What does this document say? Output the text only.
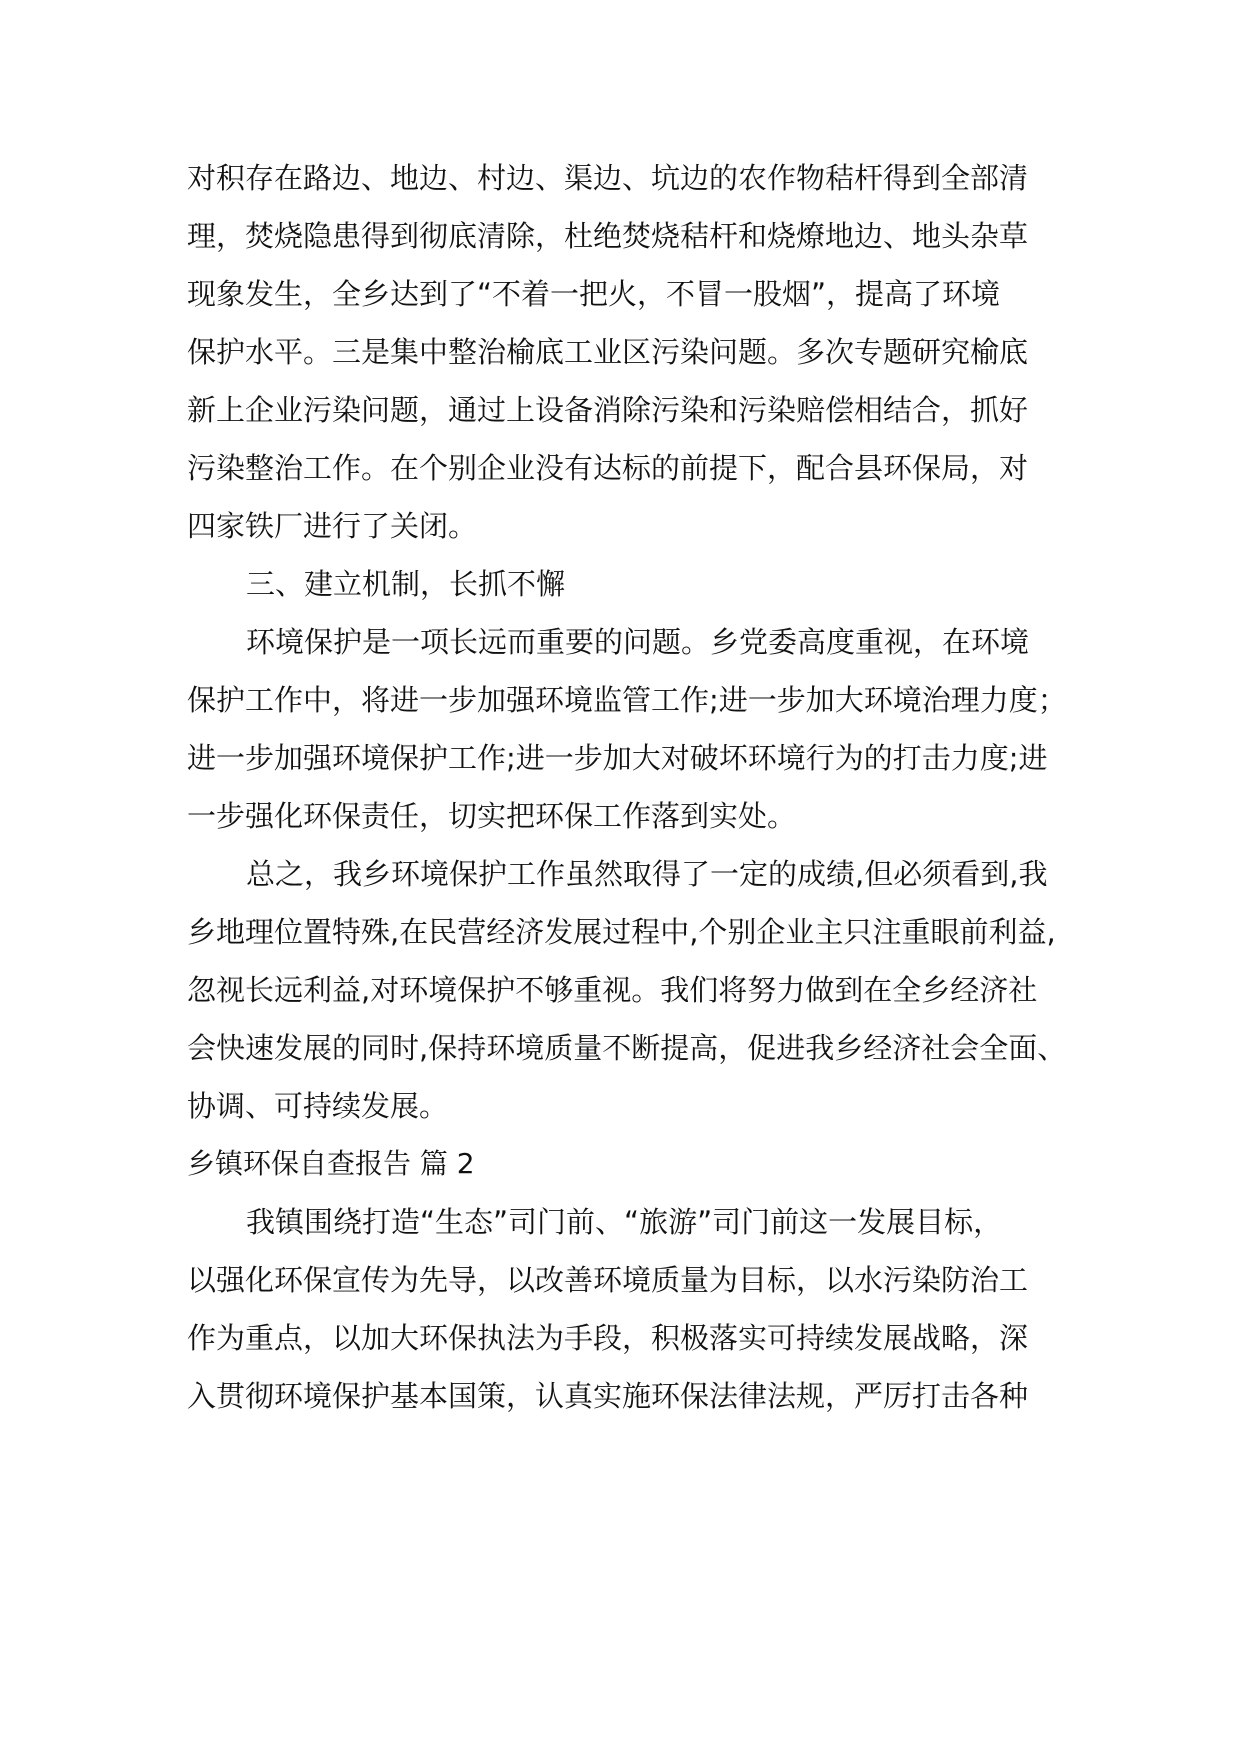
对积存在路边、地边、村边、渠边、坑边的农作物秸杆得到全部清
理，焚烧隐患得到彻底清除，杜绝焚烧秸杆和烧燎地边、地头杂草
现象发生，全乡达到了“不着一把火，不冒一股烟”，提高了环境
保护水平。三是集中整治榆底工业区污染问题。多次专题研究榆底
新上企业污染问题，通过上设备消除污染和污染赔偿相结合，抓好
污染整治工作。在个别企业没有达标的前提下，配合县环保局，对
四家铁厂进行了关闭。
三、建立机制，长抓不懈
环境保护是一项长远而重要的问题。乡党委高度重视，在环境
保护工作中，将进一步加强环境监管工作;进一步加大环境治理力度；
进一步加强环境保护工作;进一步加大对破坏环境行为的打击力度;进
一步强化环保责任，切实把环保工作落到实处。
总之，我乡环境保护工作虽然取得了一定的成绩,但必须看到,我
乡地理位置特殊,在民营经济发展过程中,个别企业主只注重眼前利益,
忽视长远利益,对环境保护不够重视。我们将努力做到在全乡经济社
会快速发展的同时,保持环境质量不断提高，促进我乡经济社会全面、
协调、可持续发展。
乡镇环保自查报告 篇 2
我镇围绕打造“生态”司门前、“旅游”司门前这一发展目标，
以强化环保宣传为先导，以改善环境质量为目标，以水污染防治工
作为重点，以加大环保执法为手段，积极落实可持续发展战略，深
入贯彻环境保护基本国策，认真实施环保法律法规，严厉打击各种
